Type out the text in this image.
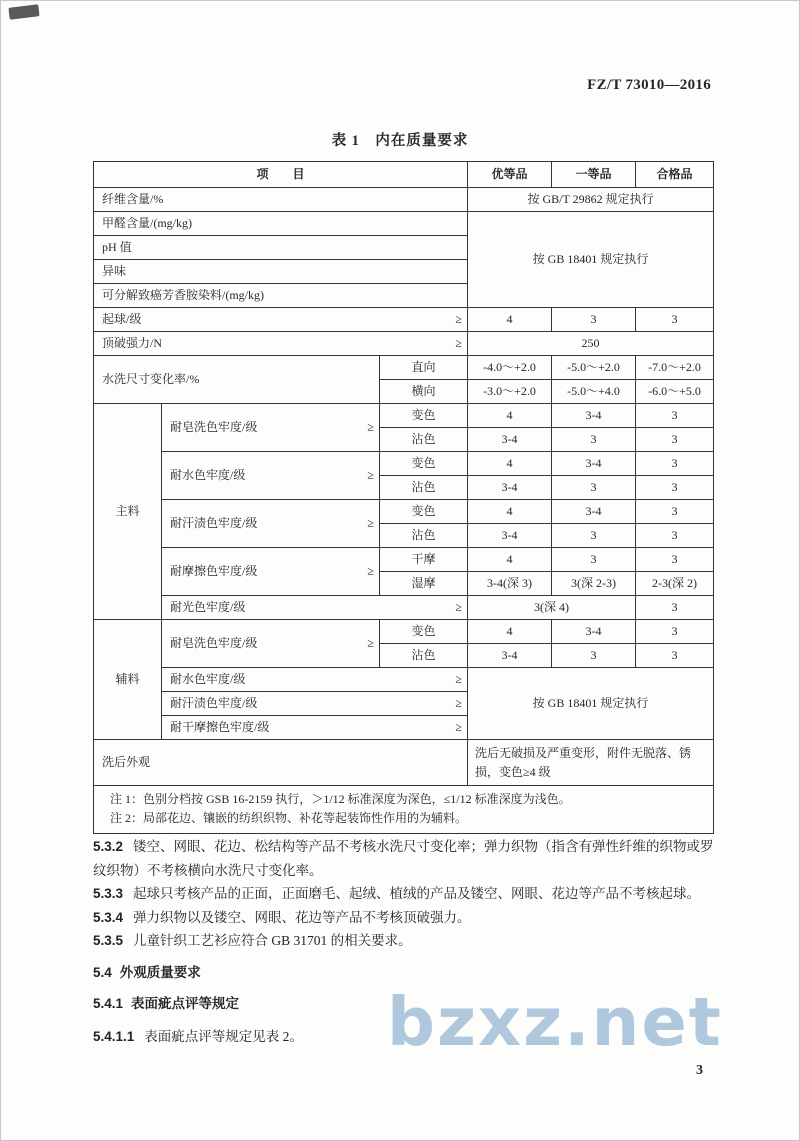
FZ/T 73010—2016
表 1　内在质量要求
项　　目			优等品	一等品	合格品
纤维含量/%			按 GB/T 29862 规定执行		
甲醛含量/(mg/kg)			按 GB 18401 规定执行		
pH 值					
异味					
可分解致癌芳香胺染料/(mg/kg)					
起球/级 ≥			4	3	3
顶破强力/N ≥			250		
水洗尺寸变化率/%		直向	-4.0～+2.0	-5.0～+2.0	-7.0～+2.0
		横向	-3.0～+2.0	-5.0～+4.0	-6.0～+5.0
主料	耐皂洗色牢度/级 ≥	变色	4	3-4	3
		沾色	3-4	3	3
	耐水色牢度/级 ≥	变色	4	3-4	3
		沾色	3-4	3	3
	耐汗渍色牢度/级 ≥	变色	4	3-4	3
		沾色	3-4	3	3
	耐摩擦色牢度/级 ≥	干摩	4	3	3
		湿摩	3-4(深 3)	3(深 2-3)	2-3(深 2)
	耐光色牢度/级 ≥		3(深 4)		3
辅料	耐皂洗色牢度/级 ≥	变色	4	3-4	3
		沾色	3-4	3	3
	耐水色牢度/级 ≥		按 GB 18401 规定执行		
	耐汗渍色牢度/级 ≥				

	耐干摩擦色牢度/级 ≥				

洗后外观			洗后无破损及严重变形，附件无脱落、锈损，变色≥4 级		

注 1：色别分档按 GSB 16-2159 执行，＞1/12 标准深度为深色，≤1/12 标准深度为浅色。
注 2：局部花边、镶嵌的纺织织物、补花等起装饰性作用的为辅料。					

5.3.2 镂空、网眼、花边、松结构等产品不考核水洗尺寸变化率；弹力织物（指含有弹性纤维的织物或罗纹织物）不考核横向水洗尺寸变化率。

5.3.3 起球只考核产品的正面，正面磨毛、起绒、植绒的产品及镂空、网眼、花边等产品不考核起球。

5.3.4 弹力织物以及镂空、网眼、花边等产品不考核顶破强力。

5.3.5 儿童针织工艺衫应符合 GB 31701 的相关要求。

5.4 外观质量要求

5.4.1 表面疵点评等规定

5.4.1.1 表面疵点评等规定见表 2。	bzxz.net
3
